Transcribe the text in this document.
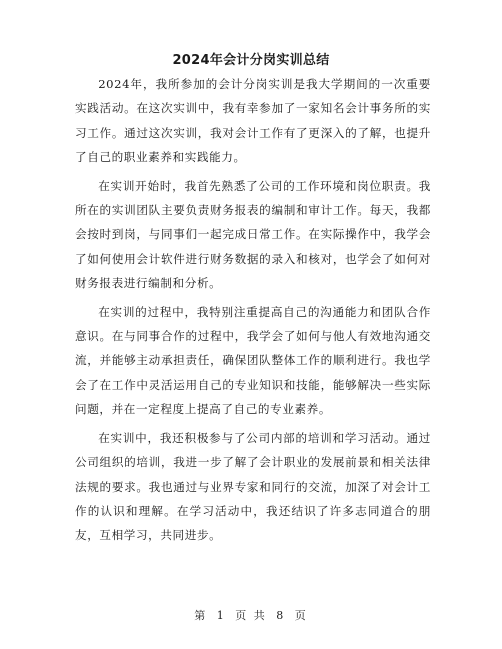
2024年会计分岗实训总结

2024年，我所参加的会计分岗实训是我大学期间的一次重要实践活动。在这次实训中，我有幸参加了一家知名会计事务所的实习工作。通过这次实训，我对会计工作有了更深入的了解，也提升了自己的职业素养和实践能力。

在实训开始时，我首先熟悉了公司的工作环境和岗位职责。我所在的实训团队主要负责财务报表的编制和审计工作。每天，我都会按时到岗，与同事们一起完成日常工作。在实际操作中，我学会了如何使用会计软件进行财务数据的录入和核对，也学会了如何对财务报表进行编制和分析。

在实训的过程中，我特别注重提高自己的沟通能力和团队合作意识。在与同事合作的过程中，我学会了如何与他人有效地沟通交流，并能够主动承担责任，确保团队整体工作的顺利进行。我也学会了在工作中灵活运用自己的专业知识和技能，能够解决一些实际问题，并在一定程度上提高了自己的专业素养。

在实训中，我还积极参与了公司内部的培训和学习活动。通过公司组织的培训，我进一步了解了会计职业的发展前景和相关法律法规的要求。我也通过与业界专家和同行的交流，加深了对会计工作的认识和理解。在学习活动中，我还结识了许多志同道合的朋友，互相学习，共同进步。

第 1 页 共 8 页
